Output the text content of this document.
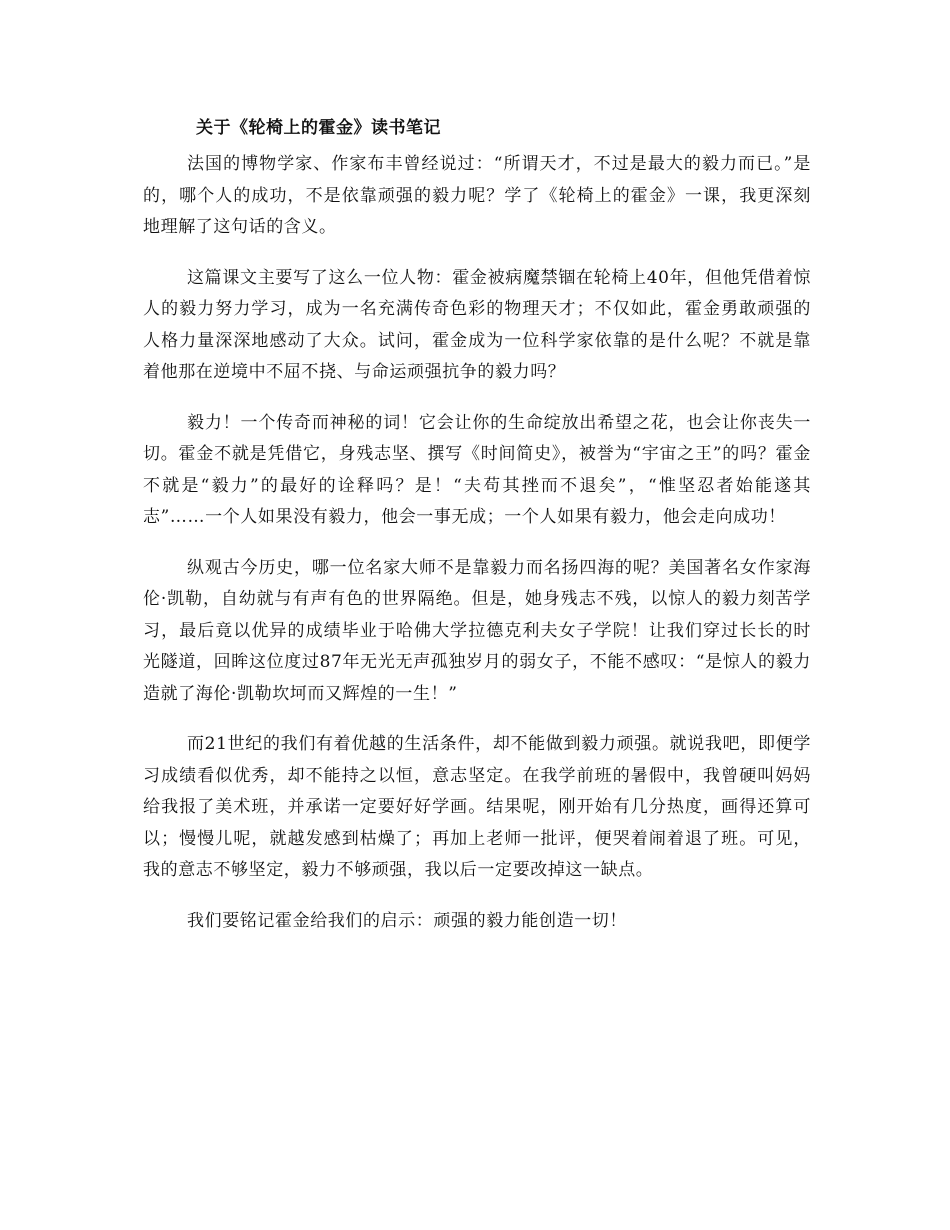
关于《轮椅上的霍金》读书笔记

法国的博物学家、作家布丰曾经说过：“所谓天才，不过是最大的毅力而已。”是的，哪个人的成功，不是依靠顽强的毅力呢？学了《轮椅上的霍金》一课，我更深刻地理解了这句话的含义。

这篇课文主要写了这么一位人物：霍金被病魔禁锢在轮椅上40年，但他凭借着惊人的毅力努力学习，成为一名充满传奇色彩的物理天才；不仅如此，霍金勇敢顽强的人格力量深深地感动了大众。试问，霍金成为一位科学家依靠的是什么呢？不就是靠着他那在逆境中不屈不挠、与命运顽强抗争的毅力吗？

毅力！一个传奇而神秘的词！它会让你的生命绽放出希望之花，也会让你丧失一切。霍金不就是凭借它，身残志坚、撰写《时间简史》，被誉为“宇宙之王”的吗？霍金不就是“毅力”的最好的诠释吗？是！“夫苟其挫而不退矣”，“惟坚忍者始能遂其志”……一个人如果没有毅力，他会一事无成；一个人如果有毅力，他会走向成功！

纵观古今历史，哪一位名家大师不是靠毅力而名扬四海的呢？美国著名女作家海伦·凯勒，自幼就与有声有色的世界隔绝。但是，她身残志不残，以惊人的毅力刻苦学习，最后竟以优异的成绩毕业于哈佛大学拉德克利夫女子学院！让我们穿过长长的时光隧道，回眸这位度过87年无光无声孤独岁月的弱女子，不能不感叹：“是惊人的毅力造就了海伦·凯勒坎坷而又辉煌的一生！”

而21世纪的我们有着优越的生活条件，却不能做到毅力顽强。就说我吧，即便学习成绩看似优秀，却不能持之以恒，意志坚定。在我学前班的暑假中，我曾硬叫妈妈给我报了美术班，并承诺一定要好好学画。结果呢，刚开始有几分热度，画得还算可以；慢慢儿呢，就越发感到枯燥了；再加上老师一批评，便哭着闹着退了班。可见，我的意志不够坚定，毅力不够顽强，我以后一定要改掉这一缺点。

我们要铭记霍金给我们的启示：顽强的毅力能创造一切！
